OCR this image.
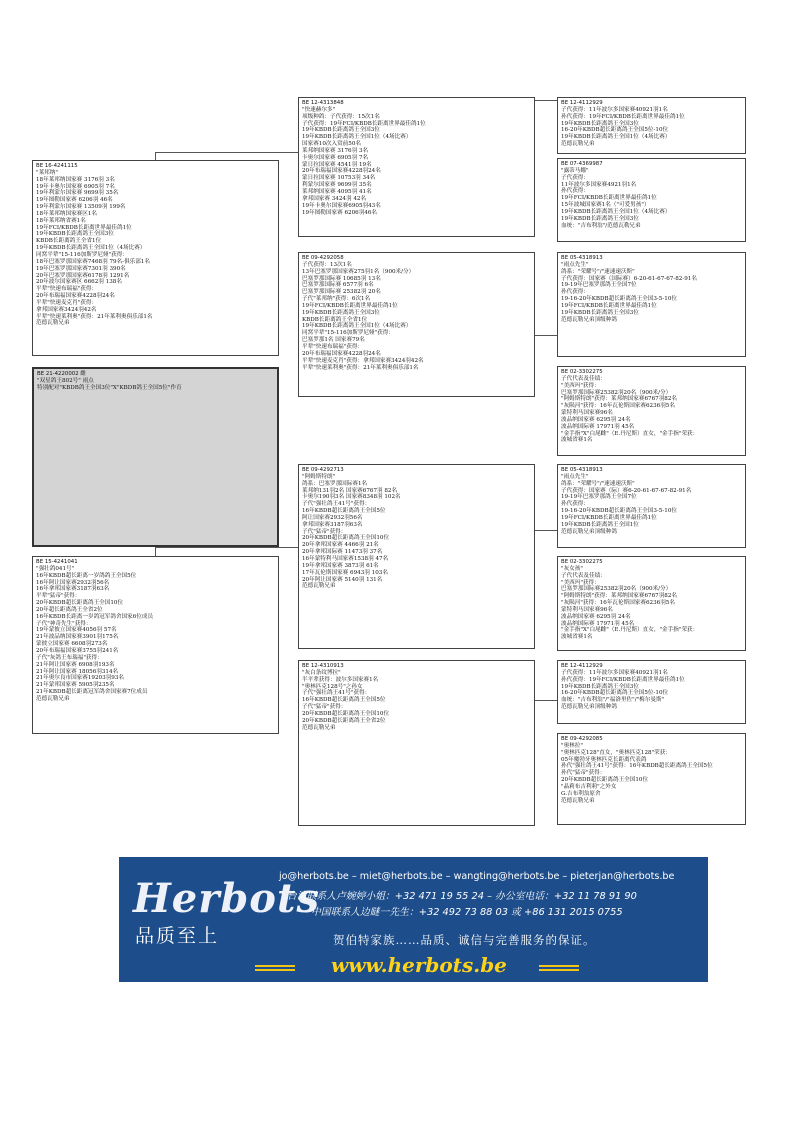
BE 16-4241115
"莱邦纳"
18年莱邦纳国家赛 3176羽 3名
19年卡奥尔国家赛 6905羽 7名
19年利蒙尔国家赛 9699羽 35名
19年图勒国家赛 6206羽 46名
19年利蒙尔国家赛 13509羽 199名
18年莱邦纳国家赛区1名
18年莱邦纳省赛1名
19年FCI/KBDB长距离世界最佳鸽1位
19年KBDB长距离鸽王全国3位
KBDB长距离鸽王全省1位
19年KBDB长距离鸽王全国1位（4场比赛）
同窝平辈"15-116加斯罗尼娅"获得：
18年巴塞罗那国家赛7468羽 79名-俱乐部1名
19年巴塞罗那国家赛7301羽 390名
20年巴塞罗那国家赛6178羽 1291名
20年波尔国家赛区 6662羽 138名
平辈"快速布瑞福"获得：
20年布瑞福国家赛4228羽24名
平辈"快速麦克肖"获得：
拿邦国家赛3424羽42名
平辈"快速莱利奥"获得：21年莱利奥俱乐部1名
范德瓦勒兄弟
BE 21-4220002 雌
"双星鸽王802号" 雨点
特别配对"KBDB鸽王全国3位"X"KBDB鸽王全国5位"作育
BE 15-4241041
"强壮鸽041号"
16年KBDB超长距离一岁鸽鸽王全国5位
16年阿让国家赛2932羽56名
16年拿邦国家赛3187羽63名
平辈"猛帝"获得：
20年KBDB超长距离鸽王全国10位
20年超长距离鸽王全省2位
16年KBDB长距离一岁鸽冠军鸽舍国家6位成员
子代"神奇先生"获得：
19年蒙彼立国家赛4056羽 57名
21年波品纳国家赛3901羽175名
蒙彼立国家赛 6608羽273名
20年布瑞福国家赛3755羽241名
子代"灰鸽王布瑞福"获得：
21年阿让国家赛 6908羽193名
21年阿让国家赛 18056羽314名
21年奥尔良市国家赛19203羽93名
21年蒙邦国家赛 5905羽235名
21年KBDB超长距离冠军鸽舍国家赛7位成员
范德瓦勒兄弟
BE 12-4313848
"快速赫尔多"
项级种鸽：子代获得：15次1名
子代获得：19年FCI/KBDB长距离世界最佳鸽1位
19年KBDB长距离鸽王全国3位
19年KBDB长距离鸽王全国1位（4场比赛）
国家赛10次入赏前50名
莱邦纳国家赛 3176羽 3名
卡奥尔国家赛 6905羽 7名
蒙日拉国家赛 4541羽 19名
20年布瑞福国家赛4228羽24名
蒙日拉国家赛 10753羽 34名
利蒙尔国家赛 9699羽 35名
莱邦纳国家赛 4095羽 41名
拿邦国家赛 3424羽 42名
19年卡奥尔国家赛6905羽43名
19年图勒国家赛 6206羽46名
BE 09-4292058
子代获得：13次1名
13年巴塞罗那国家赛275羽1名（900米/分）
巴塞罗那国际赛 10685羽 13名
巴塞罗那国际赛 6577羽 6名
巴塞罗那国际赛 25382羽 20名
子代"莱邦纳"获得：6次1名
19年FCI/KBDB长距离世界最佳鸽1位
19年KBDB长距离鸽王全国3位
KBDB长距离鸽王全省1位
19年KBDB长距离鸽王全国1位（4场比赛）
同窝平辈"15-116加斯罗尼娅"获得：
巴塞罗那1名 国家赛79名
平辈"快速布瑞福"获得：
20年布瑞福国家赛4228羽24名
平辈"快速麦克肖"获得：拿邦国家赛3424羽42名
平辈"快速莱利奥"获得：21年莱利奥俱乐部1名
BE 09-4292713
"阿姆斯特朗"
鸽系：巴塞罗那国际赛1名
莱邦纳131羽2名 国家赛6767羽 82名
卡奥尔190羽3名 国家赛8348羽 102名
子代"强壮鸽王41号"获得：
16年KBDB超长距离鸽王全国5位
阿让国家赛2932羽56名
拿邦国家赛3187羽63名
子代"猛帝"获得：
20年KBDB超长距离鸽王全国10位
20年拿邦国家赛 4466羽 21名
20年拿邦国际赛 11473羽 37名
16年蒙特利马国家赛1538羽 47名
19年拿邦国家赛 3873羽 61名
17年瓦伦斯国家赛 6943羽 103名
20年阿让国家赛 5140羽 131名
范德瓦勒兄弟
BE 12-4310913
"灰白条纹博拉"
半平辈获得：波尔多国家赛1名
"奥林匹克128号"之孙女
子代"强壮鸽王41号"获得：
16年KBDB超长距离鸽王全国5位
子代"猛帝"获得：
20年KBDB超长距离鸽王全国10位
20年KBDB超长距离鸽王全省2位
范德瓦勒兄弟
BE 12-4112929
子代获得：11年波尔多国家赛40921羽1名
孙代获得：19年FCI/KBDB长距离世界最佳鸽1位
19年KBDB长距离鸽王全国3位
16-20年KBDB超长距离鸽王全国5位-10位
19年KBDB长距离鸽王全国1位（4场比赛）
范德瓦勒兄弟
BE 07-4369987
"露蒂马娜"
子代获得：
11年波尔多国家赛4921羽1名
孙代获得：
19年FCI/KBDB长距离世界最佳鸽1位
15年波城国家赛1名（"可爱男孩"）
19年KBDB长距离鸽王全国1位（4场比赛）
19年KBDB长距离鸽王全国3位
血统："吉布利翁"/范德瓦勒兄弟
BE 05-4318913
"雨点先生"
鸽系："荣耀号"/"速速速沃斯"
子代获得：国家赛（国际赛）6-20-61-67-67-82-91名
19-19年巴塞罗那鸽王全国7位
孙代获得：
19-16-20年KBDB超长距离鸽王全国3-5-10位
19年FCI/KBDB长距离世界最佳鸽1位
19年KBDB长距离鸽王全国3位
范德瓦勒兄弟顶级种鸽
BE 02-3302275
子代代表及佳绩：
"美西玛"获得：
巴塞罗那国际赛25382羽20名（900米/分）
"阿姆斯特朗"获得：莱邦纳国家赛6767羽82名
"灰陨河"获得：16年瓦伦斯国家赛6236羽5名
蒙特利马国家赛96名
波品纳国家赛 6295羽 24名
波品纳国际赛 17971羽 45名
"金手指"X"白尾雌"（E.丹尼斯）直女，"金手指"荣获：
波城省赛1名
BE 05-4318913
"雨点先生"
鸽系："荣耀号"/"速速速沃斯"
子代获得：国家赛（际）赛6-20-61-67-67-82-91名
19-19年巴塞罗那鸽王全国7位
孙代获得：
19-16-20年KBDB超长距离鸽王全国3-5-10位
19年FCI/KBDB长距离世界最佳鸽1位
19年KBDB长距离鸽王全国1位
范德瓦勒兄弟顶级种鸽
BE 02-3302275
"灰女孩"
子代代表及佳绩：
"美西玛"获得：
巴塞罗那国际赛25382羽20名（900米/分）
"阿姆斯特朗"获得：莱邦纳国家赛6767羽82名
"灰陨河"获得：16年瓦伦斯国家赛6236羽5名
蒙特利马国家赛96名
波品纳国家赛 6295羽 24名
波品纳国际赛 17971羽 45名
"金手指"X"白尾雌"（E.丹尼斯）直女，"金手指"荣获：
波城省赛1名
BE 12-4112929
子代获得：11年波尔多国家赛40921羽1名
孙代获得：19年FCI/KBDB长距离世界最佳鸽1位
19年KBDB长距离鸽王全国3位
16-20年KBDB超长距离鸽王全国5位-10位
血统："吉布利翁"/"福洛里佐"/"梅尔曼斯"
范德瓦勒兄弟顶级种鸽
BE 09-4292085
"奥林拉"
"奥林匹克128"直女，"奥林匹克128"荣获：
05年魔勃牙奥林匹克长距离代表鸽
孙代"强壮鸽王41号"获得：16年KBDB超长距离鸽王全国5位
孙代"猛帝"获得：
20年KBDB超长距离鸽王全国10位
"晶莉布吉利莉"之外女
G.吉布利翁原舍
范德瓦勒兄弟
Herbots
品质至上
jo@herbots.be – miet@herbots.be – wangting@herbots.be – pieterjan@herbots.be
台湾联系人卢婉婷小姐：+32 471 19 55 24 – 办公室电话：+32 11 78 91 90
中国联系人边瞇一先生：+32 492 73 88 03 或 +86 131 2015 0755
贺伯特家族……品质、诚信与完善服务的保证。
www.herbots.be
